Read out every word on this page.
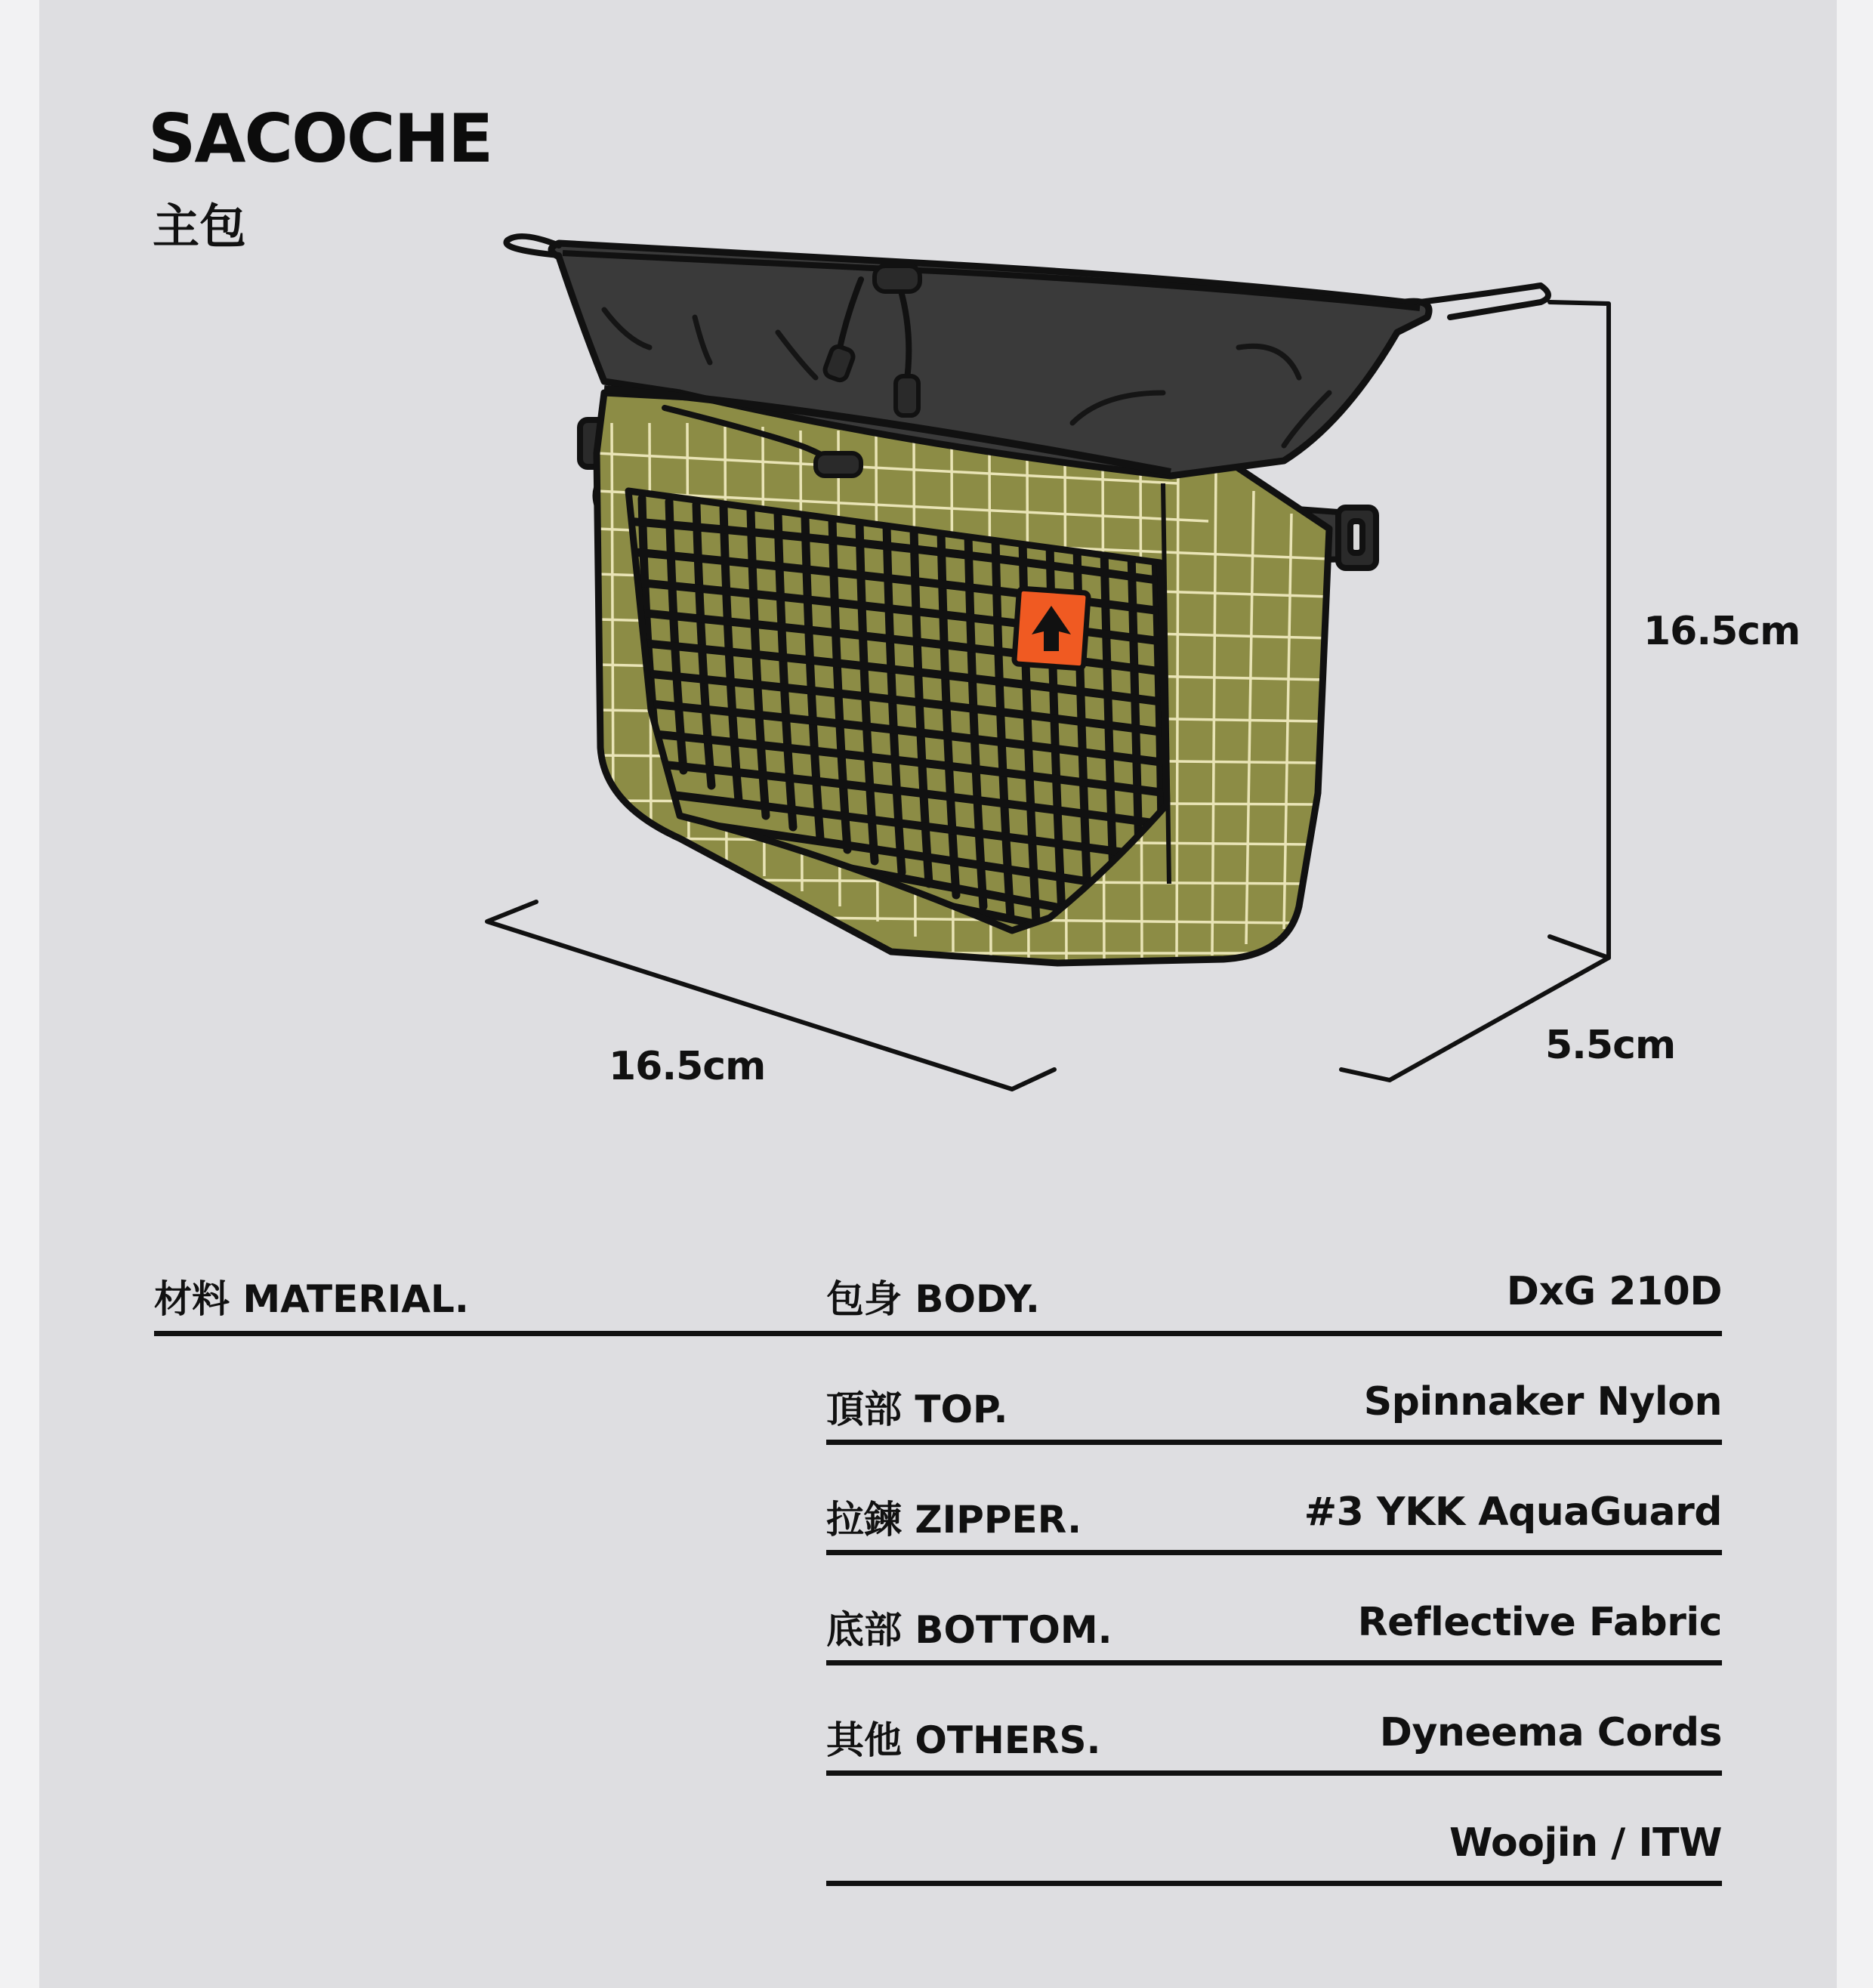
SACOCHE
主包
16.5cm
16.5cm	5.5cm
材料 MATERIAL.	包身 BODY.	DxG 210D
頂部 TOP.	Spinnaker Nylon
拉鍊 ZIPPER.	#3 YKK AquaGuard
底部 BOTTOM.	Reflective Fabric
其他 OTHERS.	Dyneema Cords
Woojin / ITW
